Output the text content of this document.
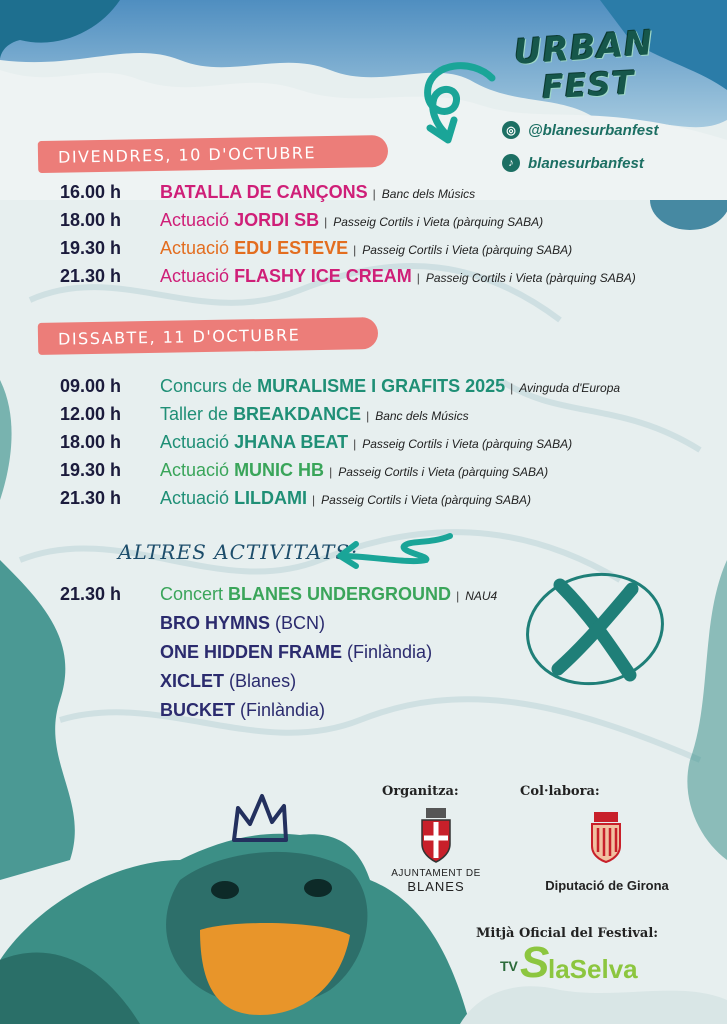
URBAN
FEST
◎ @blanesurbanfest
♪ blanesurbanfest
DIVENDRES, 10 D'OCTUBRE
16.00 h	BATALLA DE CANÇONS | Banc dels Músics
18.00 h	Actuació JORDI SB | Passeig Cortils i Vieta (pàrquing SABA)
19.30 h	Actuació EDU ESTEVE | Passeig Cortils i Vieta (pàrquing SABA)
21.30 h	Actuació FLASHY ICE CREAM | Passeig Cortils i Vieta (pàrquing SABA)
DISSABTE, 11 D'OCTUBRE
09.00 h	Concurs de MURALISME I GRAFITS 2025 | Avinguda d'Europa
12.00 h	Taller de BREAKDANCE | Banc dels Músics
18.00 h	Actuació JHANA BEAT | Passeig Cortils i Vieta (pàrquing SABA)
19.30 h	Actuació MUNIC HB | Passeig Cortils i Vieta (pàrquing SABA)
21.30 h	Actuació LILDAMI | Passeig Cortils i Vieta (pàrquing SABA)
ALTRES ACTIVITATS:
21.30 h	Concert BLANES UNDERGROUND | NAU4
BRO HYMNS (BCN)
ONE HIDDEN FRAME (Finlàndia)
XICLET (Blanes)
BUCKET (Finlàndia)
Organitza:	Col·labora:
AJUNTAMENT DE
BLANES	Diputació de Girona
Mitjà Oficial del Festival:
TV S
laSelva
